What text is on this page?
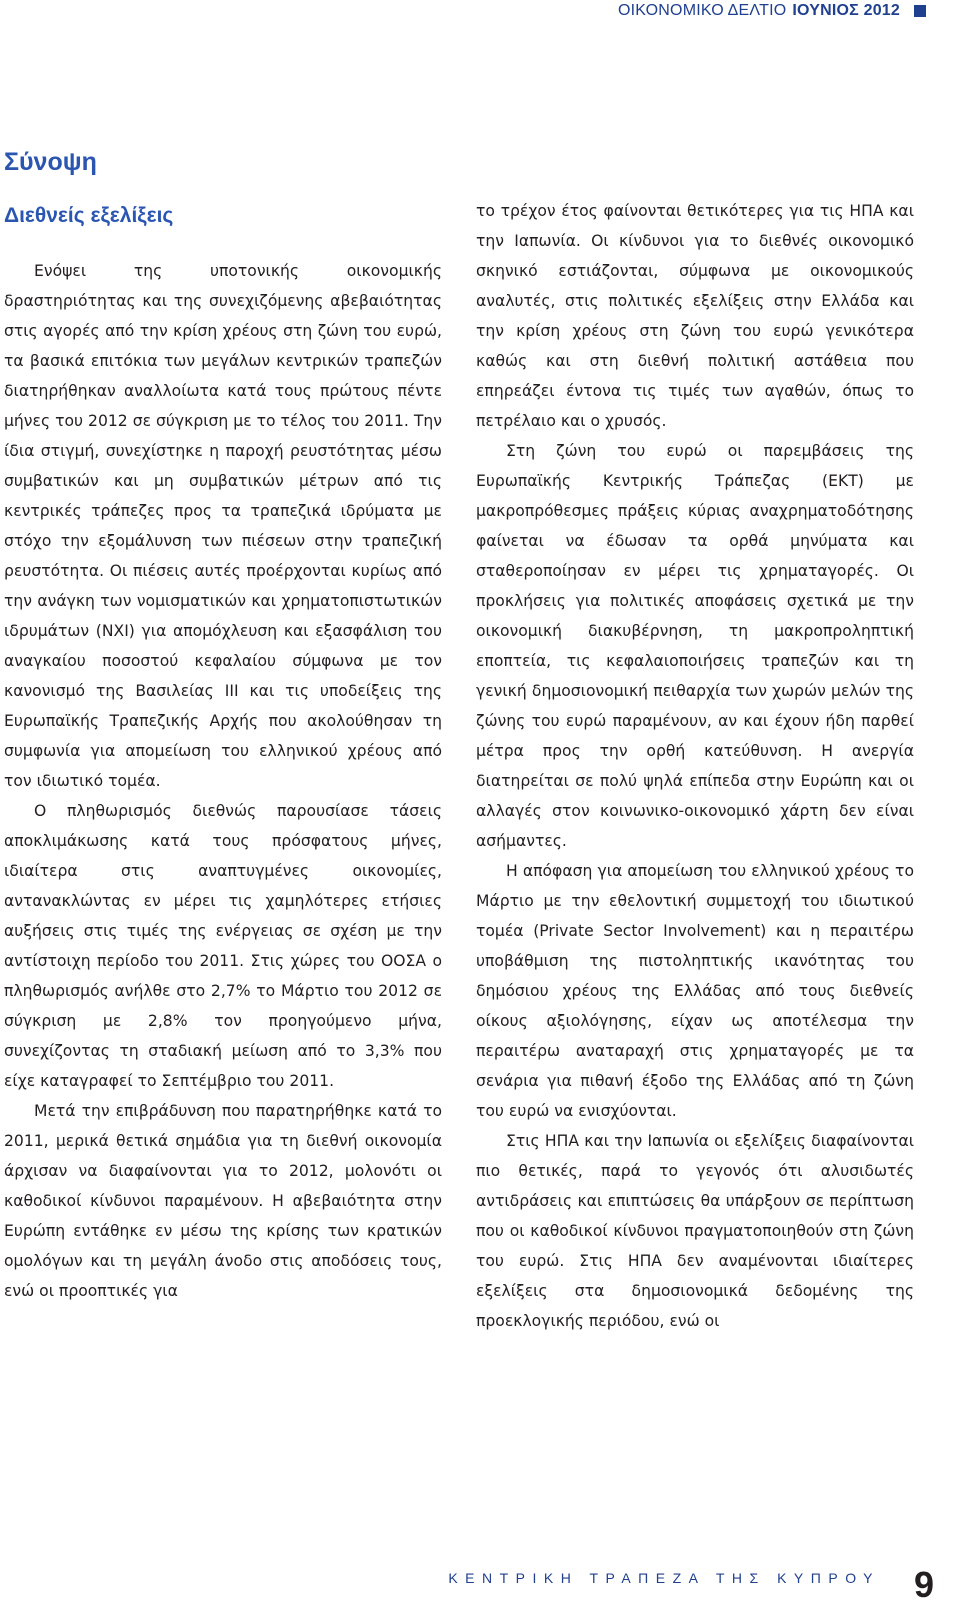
ΟΙΚΟΝΟΜΙΚΟ ΔΕΛΤΙΟ ΙΟΥΝΙΟΣ 2012
Σύνοψη
Διεθνείς εξελίξεις

Ενόψει της υποτονικής οικονομικής δραστηριότητας και της συνεχιζόμενης αβεβαιότητας στις αγορές από την κρίση χρέους στη ζώνη του ευρώ, τα βασικά επιτόκια των μεγάλων κεντρικών τραπεζών διατηρήθηκαν αναλλοίωτα κατά τους πρώτους πέντε μήνες του 2012 σε σύγκριση με το τέλος του 2011. Την ίδια στιγμή, συνεχίστηκε η παροχή ρευστότητας μέσω συμβατικών και μη συμβατικών μέτρων από τις κεντρικές τράπεζες προς τα τραπεζικά ιδρύματα με στόχο την εξομάλυνση των πιέσεων στην τραπεζική ρευστότητα. Οι πιέσεις αυτές προέρχονται κυρίως από την ανάγκη των νομισματικών και χρηματοπιστωτικών ιδρυμάτων (ΝΧΙ) για απομόχλευση και εξασφάλιση του αναγκαίου ποσοστού κεφαλαίου σύμφωνα με τον κανονισμό της Βασιλείας ΙΙΙ και τις υποδείξεις της Ευρωπαϊκής Τραπεζικής Αρχής που ακολούθησαν τη συμφωνία για απομείωση του ελληνικού χρέους από τον ιδιωτικό τομέα.

Ο πληθωρισμός διεθνώς παρουσίασε τάσεις αποκλιμάκωσης κατά τους πρόσφατους μήνες, ιδιαίτερα στις αναπτυγμένες οικονομίες, αντανακλώντας εν μέρει τις χαμηλότερες ετήσιες αυξήσεις στις τιμές της ενέργειας σε σχέση με την αντίστοιχη περίοδο του 2011. Στις χώρες του ΟΟΣΑ ο πληθωρισμός ανήλθε στο 2,7% το Μάρτιο του 2012 σε σύγκριση με 2,8% τον προηγούμενο μήνα, συνεχίζοντας τη σταδιακή μείωση από το 3,3% που είχε καταγραφεί το Σεπτέμβριο του 2011.

Μετά την επιβράδυνση που παρατηρήθηκε κατά το 2011, μερικά θετικά σημάδια για τη διεθνή οικονομία άρχισαν να διαφαίνονται για το 2012, μολονότι οι καθοδικοί κίνδυνοι παραμένουν. Η αβεβαιότητα στην Ευρώπη εντάθηκε εν μέσω της κρίσης των κρατικών ομολόγων και τη μεγάλη άνοδο στις αποδόσεις τους, ενώ οι προοπτικές για

το τρέχον έτος φαίνονται θετικότερες για τις ΗΠΑ και την Ιαπωνία. Οι κίνδυνοι για το διεθνές οικονομικό σκηνικό εστιάζονται, σύμφωνα με οικονομικούς αναλυτές, στις πολιτικές εξελίξεις στην Ελλάδα και την κρίση χρέους στη ζώνη του ευρώ γενικότερα καθώς και στη διεθνή πολιτική αστάθεια που επηρεάζει έντονα τις τιμές των αγαθών, όπως το πετρέλαιο και ο χρυσός.

Στη ζώνη του ευρώ οι παρεμβάσεις της Ευρωπαϊκής Κεντρικής Τράπεζας (ΕΚΤ) με μακροπρόθεσμες πράξεις κύριας αναχρηματοδότησης φαίνεται να έδωσαν τα ορθά μηνύματα και σταθεροποίησαν εν μέρει τις χρηματαγορές. Οι προκλήσεις για πολιτικές αποφάσεις σχετικά με την οικονομική διακυβέρνηση, τη μακροπρoληπτική εποπτεία, τις κεφαλαιοποιήσεις τραπεζών και τη γενική δημοσιονομική πειθαρχία των χωρών μελών της ζώνης του ευρώ παραμένουν, αν και έχουν ήδη παρθεί μέτρα προς την ορθή κατεύθυνση. Η ανεργία διατηρείται σε πολύ ψηλά επίπεδα στην Ευρώπη και οι αλλαγές στον κοινωνικο-οικονομικό χάρτη δεν είναι ασήμαντες.

Η απόφαση για απομείωση του ελληνικού χρέους το Μάρτιο με την εθελοντική συμμετοχή του ιδιωτικού τομέα (Private Sector Involvement) και η περαιτέρω υποβάθμιση της πιστοληπτικής ικανότητας του δημόσιου χρέους της Ελλάδας από τους διεθνείς οίκους αξιολόγησης, είχαν ως αποτέλεσμα την περαιτέρω αναταραχή στις χρηματαγορές με τα σενάρια για πιθανή έξοδο της Ελλάδας από τη ζώνη του ευρώ να ενισχύονται.

Στις ΗΠΑ και την Ιαπωνία οι εξελίξεις διαφαίνονται πιο θετικές, παρά το γεγονός ότι αλυσιδωτές αντιδράσεις και επιπτώσεις θα υπάρξουν σε περίπτωση που οι καθοδικοί κίνδυνοι πραγματοποιηθούν στη ζώνη του ευρώ. Στις ΗΠΑ δεν αναμένονται ιδιαίτερες εξελίξεις στα δημοσιονομικά δεδομένης της προεκλογικής περιόδου, ενώ οι

ΚΕΝΤΡΙΚΗ ΤΡΑΠΕΖΑ ΤΗΣ ΚΥΠΡΟΥ 9
